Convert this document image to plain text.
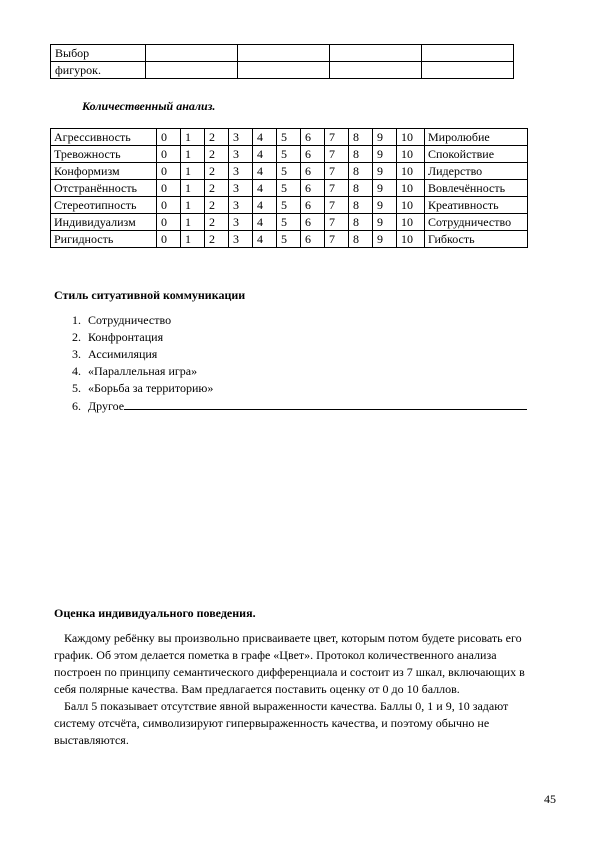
Выбор				
фигурок.				
Количественный анализ.
Агрессивность	0	1	2	3	4	5	6	7	8	9	10	Миролюбие
Тревожность	0	1	2	3	4	5	6	7	8	9	10	Спокойствие
Конформизм	0	1	2	3	4	5	6	7	8	9	10	Лидерство
Отстранённость	0	1	2	3	4	5	6	7	8	9	10	Вовлечённость
Стереотипность	0	1	2	3	4	5	6	7	8	9	10	Креативность
Индивидуализм	0	1	2	3	4	5	6	7	8	9	10	Сотрудничество
Ригидность	0	1	2	3	4	5	6	7	8	9	10	Гибкость
Стиль ситуативной коммуникации
1. Сотрудничество
2. Конфронтация
3. Ассимиляция
4. «Параллельная игра»
5. «Борьба за территорию»
6. Другое
Оценка индивидуального поведения.

Каждому ребёнку вы произвольно присваиваете цвет, которым потом будете рисовать его график. Об этом делается пометка в графе «Цвет». Протокол количественного анализа построен по принципу семантического дифференциала и состоит из 7 шкал, включающих в себя полярные качества. Вам предлагается поставить оценку от 0 до 10 баллов.

Балл 5 показывает отсутствие явной выраженности качества. Баллы 0, 1 и 9, 10 задают систему отсчёта, символизируют гипервыраженность качества, и поэтому обычно не выставляются.

45
